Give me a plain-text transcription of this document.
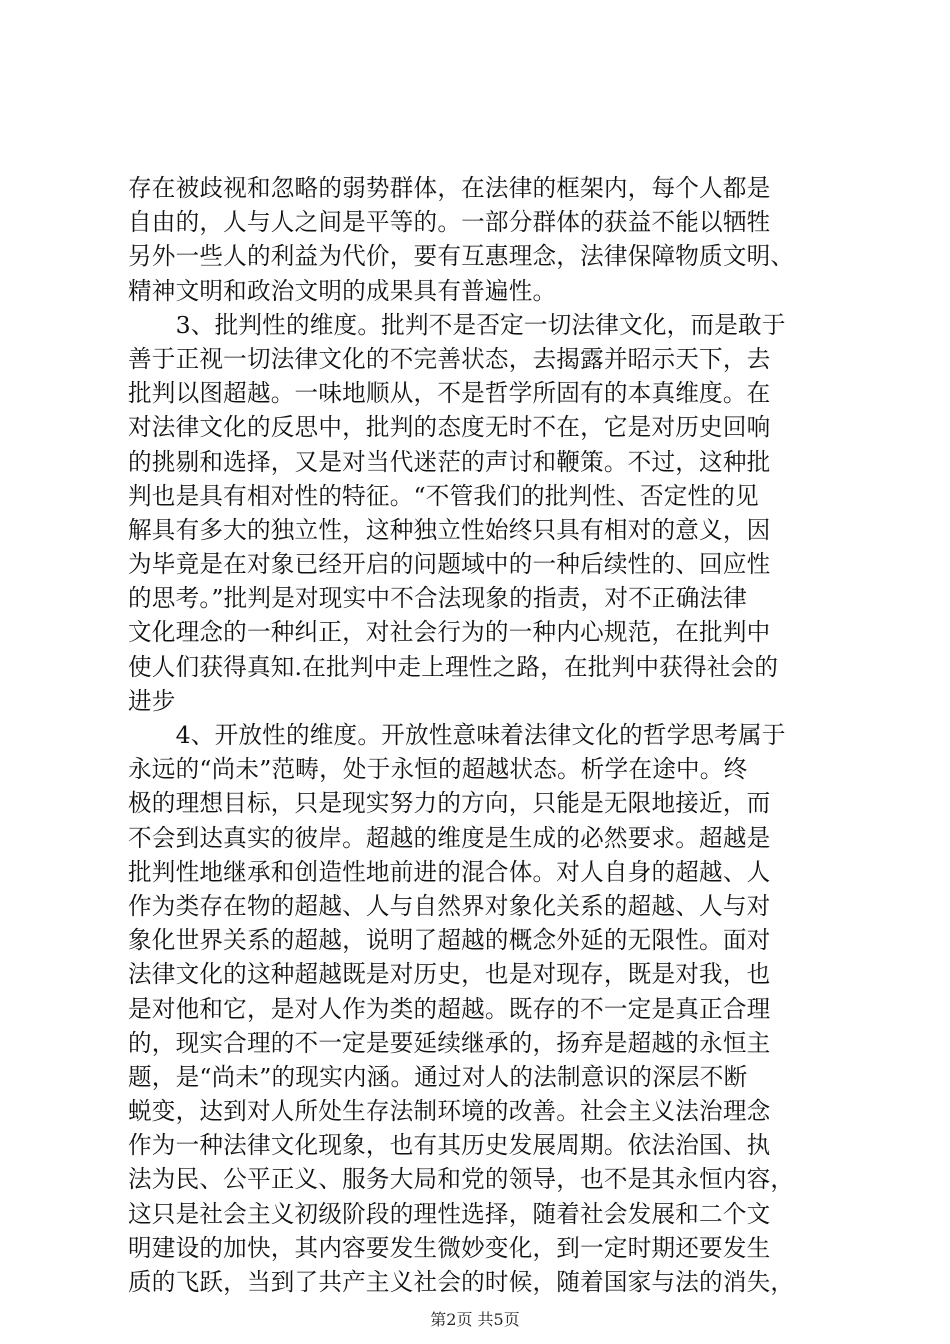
存在被歧视和忽略的弱势群体，在法律的框架内，每个人都是
自由的，人与人之间是平等的。一部分群体的获益不能以牺牲
另外一些人的利益为代价，要有互惠理念，法律保障物质文明、
精神文明和政治文明的成果具有普遍性。
　　3、批判性的维度。批判不是否定一切法律文化，而是敢于
善于正视一切法律文化的不完善状态，去揭露并昭示天下，去
批判以图超越。一味地顺从，不是哲学所固有的本真维度。在
对法律文化的反思中，批判的态度无时不在，它是对历史回响
的挑剔和选择，又是对当代迷茫的声讨和鞭策。不过，这种批
判也是具有相对性的特征。“不管我们的批判性、否定性的见
解具有多大的独立性，这种独立性始终只具有相对的意义，因
为毕竟是在对象已经开启的问题域中的一种后续性的、回应性
的思考。”批判是对现实中不合法现象的指责，对不正确法律
文化理念的一种纠正，对社会行为的一种内心规范，在批判中
使人们获得真知.在批判中走上理性之路，在批判中获得社会的
进步
　　4、开放性的维度。开放性意味着法律文化的哲学思考属于
永远的“尚未”范畴，处于永恒的超越状态。析学在途中。终
极的理想目标，只是现实努力的方向，只能是无限地接近，而
不会到达真实的彼岸。超越的维度是生成的必然要求。超越是
批判性地继承和创造性地前进的混合体。对人自身的超越、人
作为类存在物的超越、人与自然界对象化关系的超越、人与对
象化世界关系的超越，说明了超越的概念外延的无限性。面对
法律文化的这种超越既是对历史，也是对现存，既是对我，也
是对他和它，是对人作为类的超越。既存的不一定是真正合理
的，现实合理的不一定是要延续继承的，扬弃是超越的永恒主
题，是“尚未”的现实内涵。通过对人的法制意识的深层不断
蜕变，达到对人所处生存法制环境的改善。社会主义法治理念
作为一种法律文化现象，也有其历史发展周期。依法治国、执
法为民、公平正义、服务大局和党的领导，也不是其永恒内容，
这只是社会主义初级阶段的理性选择，随着社会发展和二个文
明建设的加快，其内容要发生微妙变化，到一定时期还要发生
质的飞跃，当到了共产主义社会的时候，随着国家与法的消失，
第2页 共5页
